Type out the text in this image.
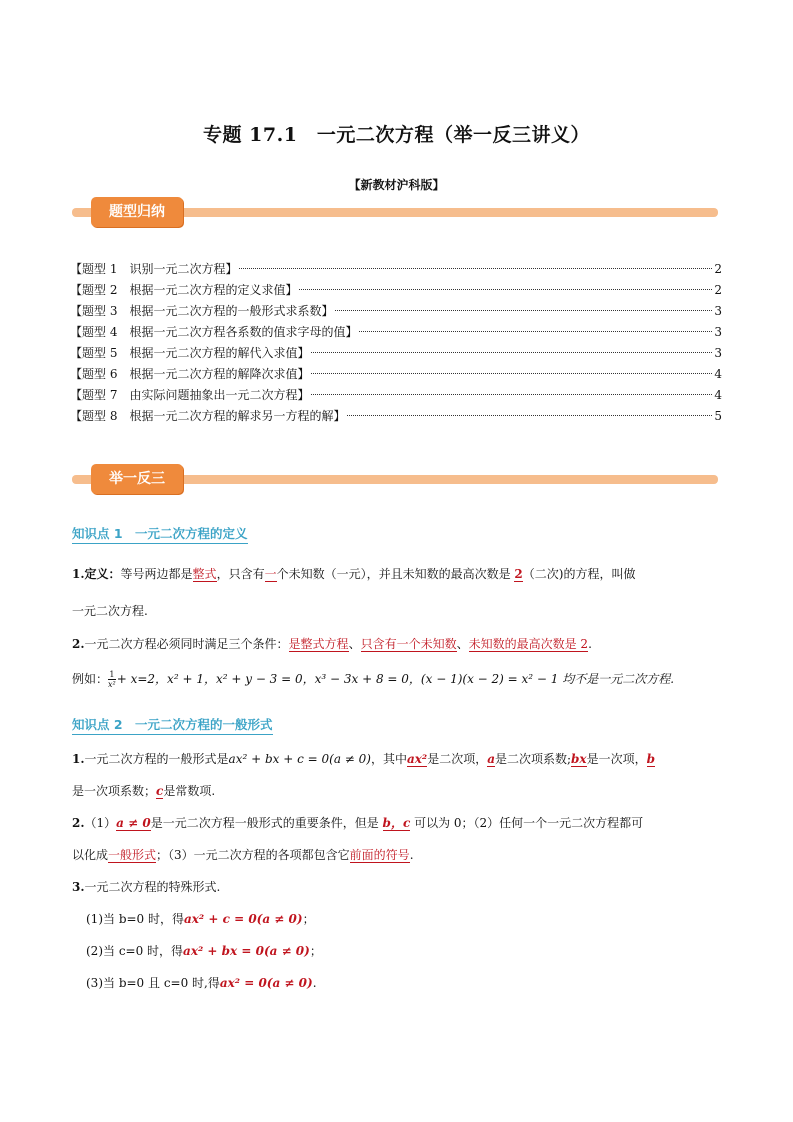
专题 17.1　一元二次方程（举一反三讲义）
【新教材沪科版】
题型归纳
【题型 1　识别一元二次方程】	2
【题型 2　根据一元二次方程的定义求值】	2
【题型 3　根据一元二次方程的一般形式求系数】	3
【题型 4　根据一元二次方程各系数的值求字母的值】	3
【题型 5　根据一元二次方程的解代入求值】	3
【题型 6　根据一元二次方程的解降次求值】	4
【题型 7　由实际问题抽象出一元二次方程】	4
【题型 8　根据一元二次方程的解求另一方程的解】	5
举一反三
知识点 1　一元二次方程的定义
1.定义：等号两边都是整式，只含有一个未知数（一元），并且未知数的最高次数是 2（二次)的方程，叫做
一元二次方程.
2.一元二次方程必须同时满足三个条件：是整式方程、只含有一个未知数、未知数的最高次数是 2.
例如： $\frac{1}{\text{x²}} + x=2$，x² + 1，x² + y − 3 = 0，x³ − 3x + 8 = 0，(x − 1)(x − 2) = x² − 1 均不是一元二次方程.
知识点 2　一元二次方程的一般形式
1.一元二次方程的一般形式是ax² + bx + c = 0(a ≠ 0)，其中ax²是二次项，a是二次项系数;bx是一次项，b
是一次项系数；c是常数项.
2.（1）a ≠ 0是一元二次方程一般形式的重要条件，但是 b，c 可以为 0；（2）任何一个一元二次方程都可
以化成一般形式；（3）一元二次方程的各项都包含它前面的符号.
3.一元二次方程的特殊形式.
(1)当 b=0 时，得ax² + c = 0(a ≠ 0)；
(2)当 c=0 时，得ax² + bx = 0(a ≠ 0)；
(3)当 b=0 且 c=0 时,得ax² = 0(a ≠ 0).
